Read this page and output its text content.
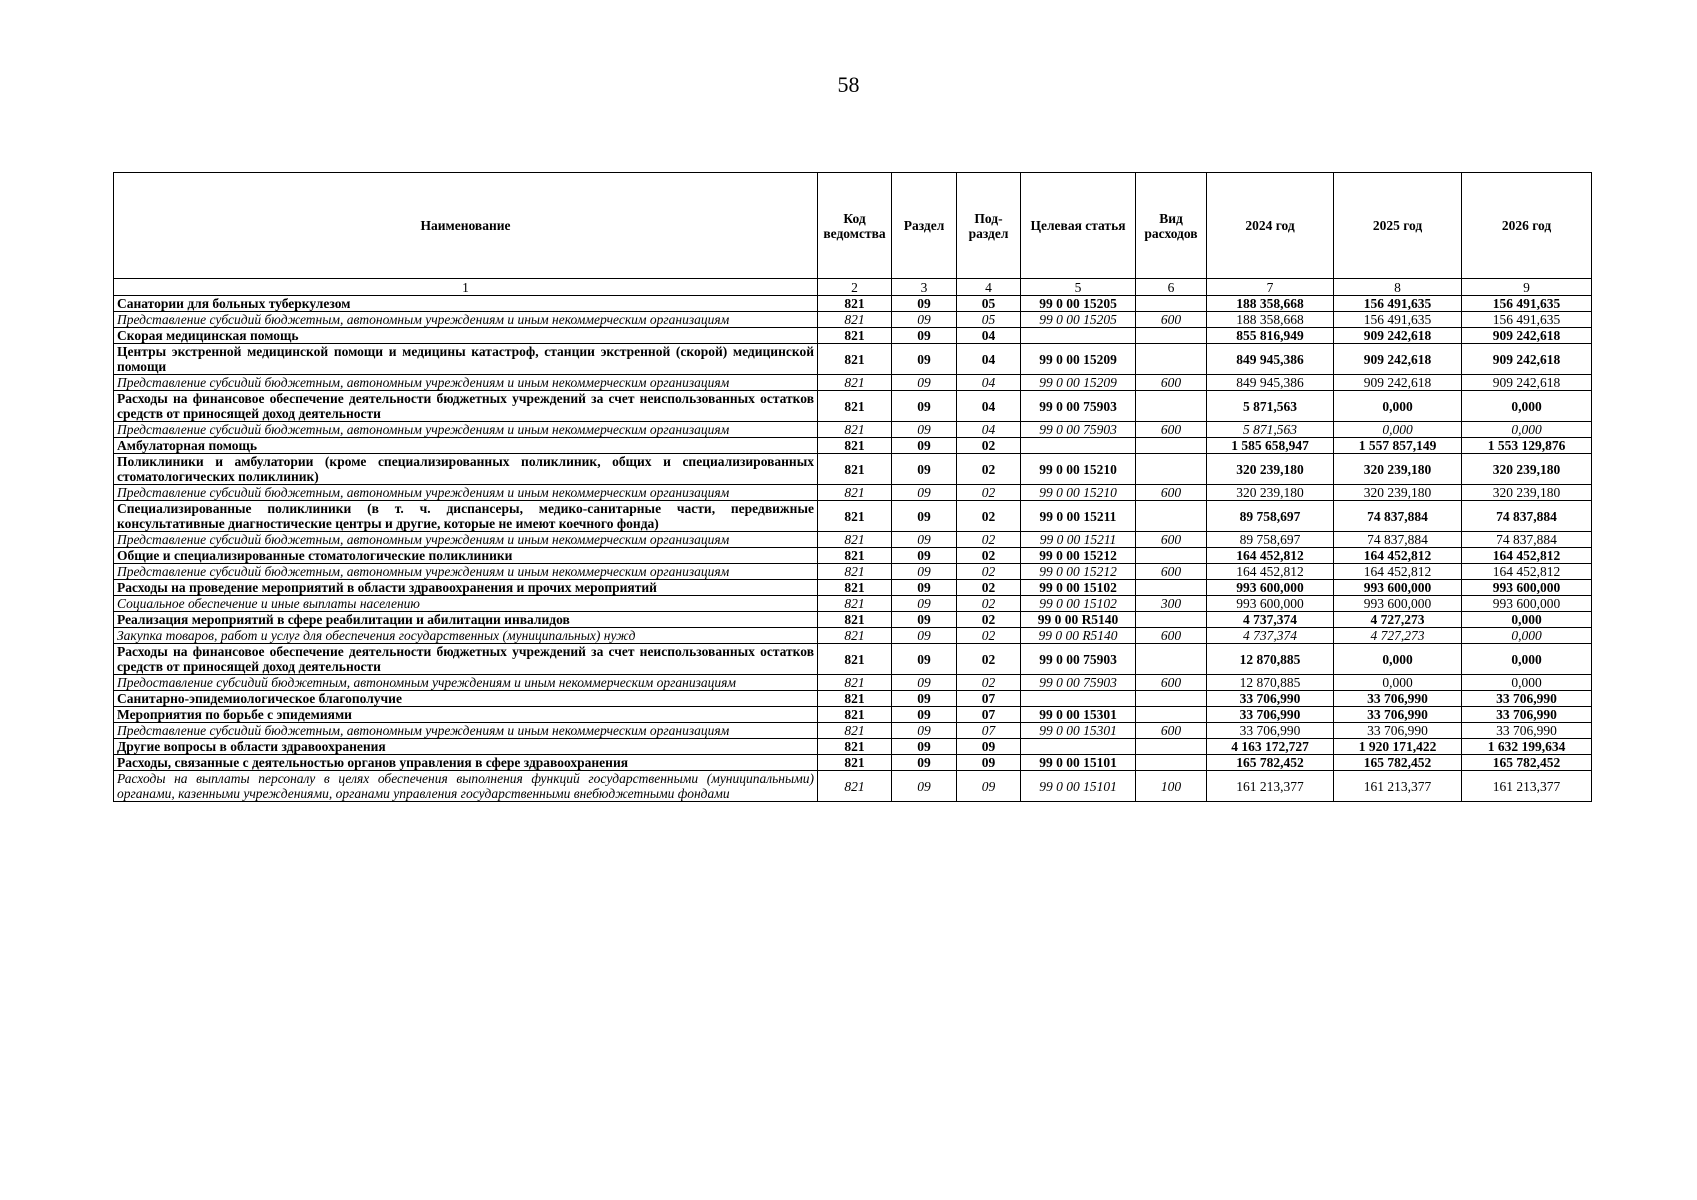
58
Наименование	Код ведомства	Раздел	Под-раздел	Целевая статья	Вид расходов	2024 год	2025 год	2026 год
1	2	3	4	5	6	7	8	9
Санатории для больных туберкулезом	821	09	05	99 0 00 15205		188 358,668	156 491,635	156 491,635
Представление субсидий бюджетным, автономным учреждениям и иным некоммерческим организациям	821	09	05	99 0 00 15205	600	188 358,668	156 491,635	156 491,635
Скорая медицинская помощь	821	09	04			855 816,949	909 242,618	909 242,618
Центры экстренной медицинской помощи и медицины катастроф, станции экстренной (скорой) медицинской помощи	821	09	04	99 0 00 15209		849 945,386	909 242,618	909 242,618
Представление субсидий бюджетным, автономным учреждениям и иным некоммерческим организациям	821	09	04	99 0 00 15209	600	849 945,386	909 242,618	909 242,618
Расходы на финансовое обеспечение деятельности бюджетных учреждений за счет неиспользованных остатков средств от приносящей доход деятельности	821	09	04	99 0 00 75903		5 871,563	0,000	0,000
Представление субсидий бюджетным, автономным учреждениям и иным некоммерческим организациям	821	09	04	99 0 00 75903	600	5 871,563	0,000	0,000
Амбулаторная помощь	821	09	02			1 585 658,947	1 557 857,149	1 553 129,876
Поликлиники и амбулатории (кроме специализированных поликлиник, общих и специализированных стоматологических поликлиник)	821	09	02	99 0 00 15210		320 239,180	320 239,180	320 239,180
Представление субсидий бюджетным, автономным учреждениям и иным некоммерческим организациям	821	09	02	99 0 00 15210	600	320 239,180	320 239,180	320 239,180
Специализированные поликлиники (в т. ч. диспансеры, медико-санитарные части, передвижные консультативные диагностические центры и другие, которые не имеют коечного фонда)	821	09	02	99 0 00 15211		89 758,697	74 837,884	74 837,884
Представление субсидий бюджетным, автономным учреждениям и иным некоммерческим организациям	821	09	02	99 0 00 15211	600	89 758,697	74 837,884	74 837,884
Общие и специализированные стоматологические поликлиники	821	09	02	99 0 00 15212		164 452,812	164 452,812	164 452,812
Представление субсидий бюджетным, автономным учреждениям и иным некоммерческим организациям	821	09	02	99 0 00 15212	600	164 452,812	164 452,812	164 452,812
Расходы на проведение мероприятий в области здравоохранения и прочих мероприятий	821	09	02	99 0 00 15102		993 600,000	993 600,000	993 600,000
Социальное обеспечение и иные выплаты населению	821	09	02	99 0 00 15102	300	993 600,000	993 600,000	993 600,000
Реализация мероприятий в сфере реабилитации и абилитации инвалидов	821	09	02	99 0 00 R5140		4 737,374	4 727,273	0,000
Закупка товаров, работ и услуг для обеспечения государственных (муниципальных) нужд	821	09	02	99 0 00 R5140	600	4 737,374	4 727,273	0,000
Расходы на финансовое обеспечение деятельности бюджетных учреждений за счет неиспользованных остатков средств от приносящей доход деятельности	821	09	02	99 0 00 75903		12 870,885	0,000	0,000
Предоставление субсидий бюджетным, автономным учреждениям и иным некоммерческим организациям	821	09	02	99 0 00 75903	600	12 870,885	0,000	0,000
Санитарно-эпидемиологическое благополучие	821	09	07			33 706,990	33 706,990	33 706,990
Мероприятия по борьбе с эпидемиями	821	09	07	99 0 00 15301		33 706,990	33 706,990	33 706,990
Представление субсидий бюджетным, автономным учреждениям и иным некоммерческим организациям	821	09	07	99 0 00 15301	600	33 706,990	33 706,990	33 706,990
Другие вопросы в области здравоохранения	821	09	09			4 163 172,727	1 920 171,422	1 632 199,634
Расходы, связанные с деятельностью органов управления в сфере здравоохранения	821	09	09	99 0 00 15101		165 782,452	165 782,452	165 782,452
Расходы на выплаты персоналу в целях обеспечения выполнения функций государственными (муниципальными) органами, казенными учреждениями, органами управления государственными внебюджетными фондами	821	09	09	99 0 00 15101	100	161 213,377	161 213,377	161 213,377
